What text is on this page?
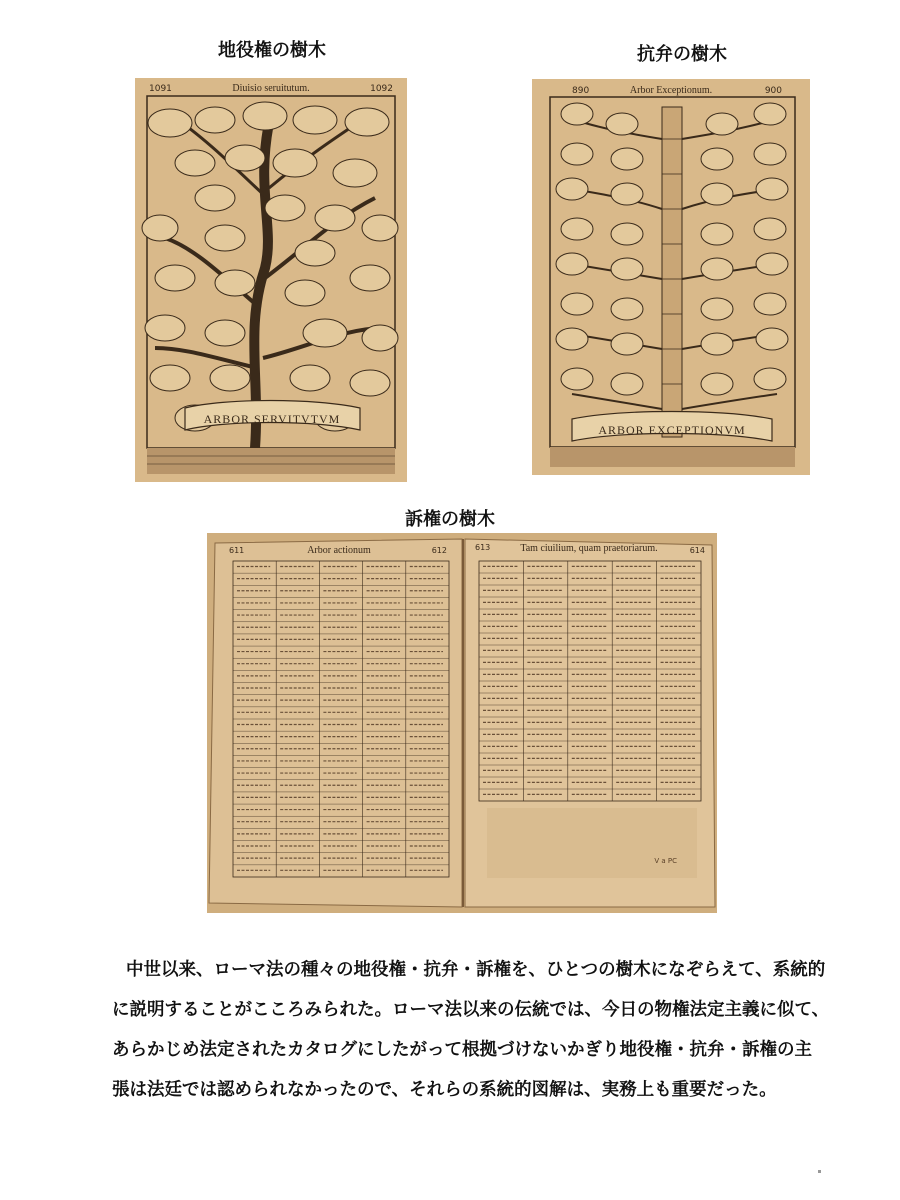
地役権の樹木	抗弁の樹木
訴権の樹木
1091	Diuisio seruitutum.	1092
ARBOR SERVITVTVM
890	Arbor Exceptionum.	900
ARBOR EXCEPTIONVM
611	Arbor actionum	612	613	Tam ciuilium, quam praetoriarum.	614
V a PC
中世以来、ローマ法の種々の地役権・抗弁・訴権を、ひとつの樹木になぞらえて、系統的
に説明することがこころみられた。ローマ法以来の伝統では、今日の物権法定主義に似て、
あらかじめ法定されたカタログにしたがって根拠づけないかぎり地役権・抗弁・訴権の主
張は法廷では認められなかったので、それらの系統的図解は、実務上も重要だった。
